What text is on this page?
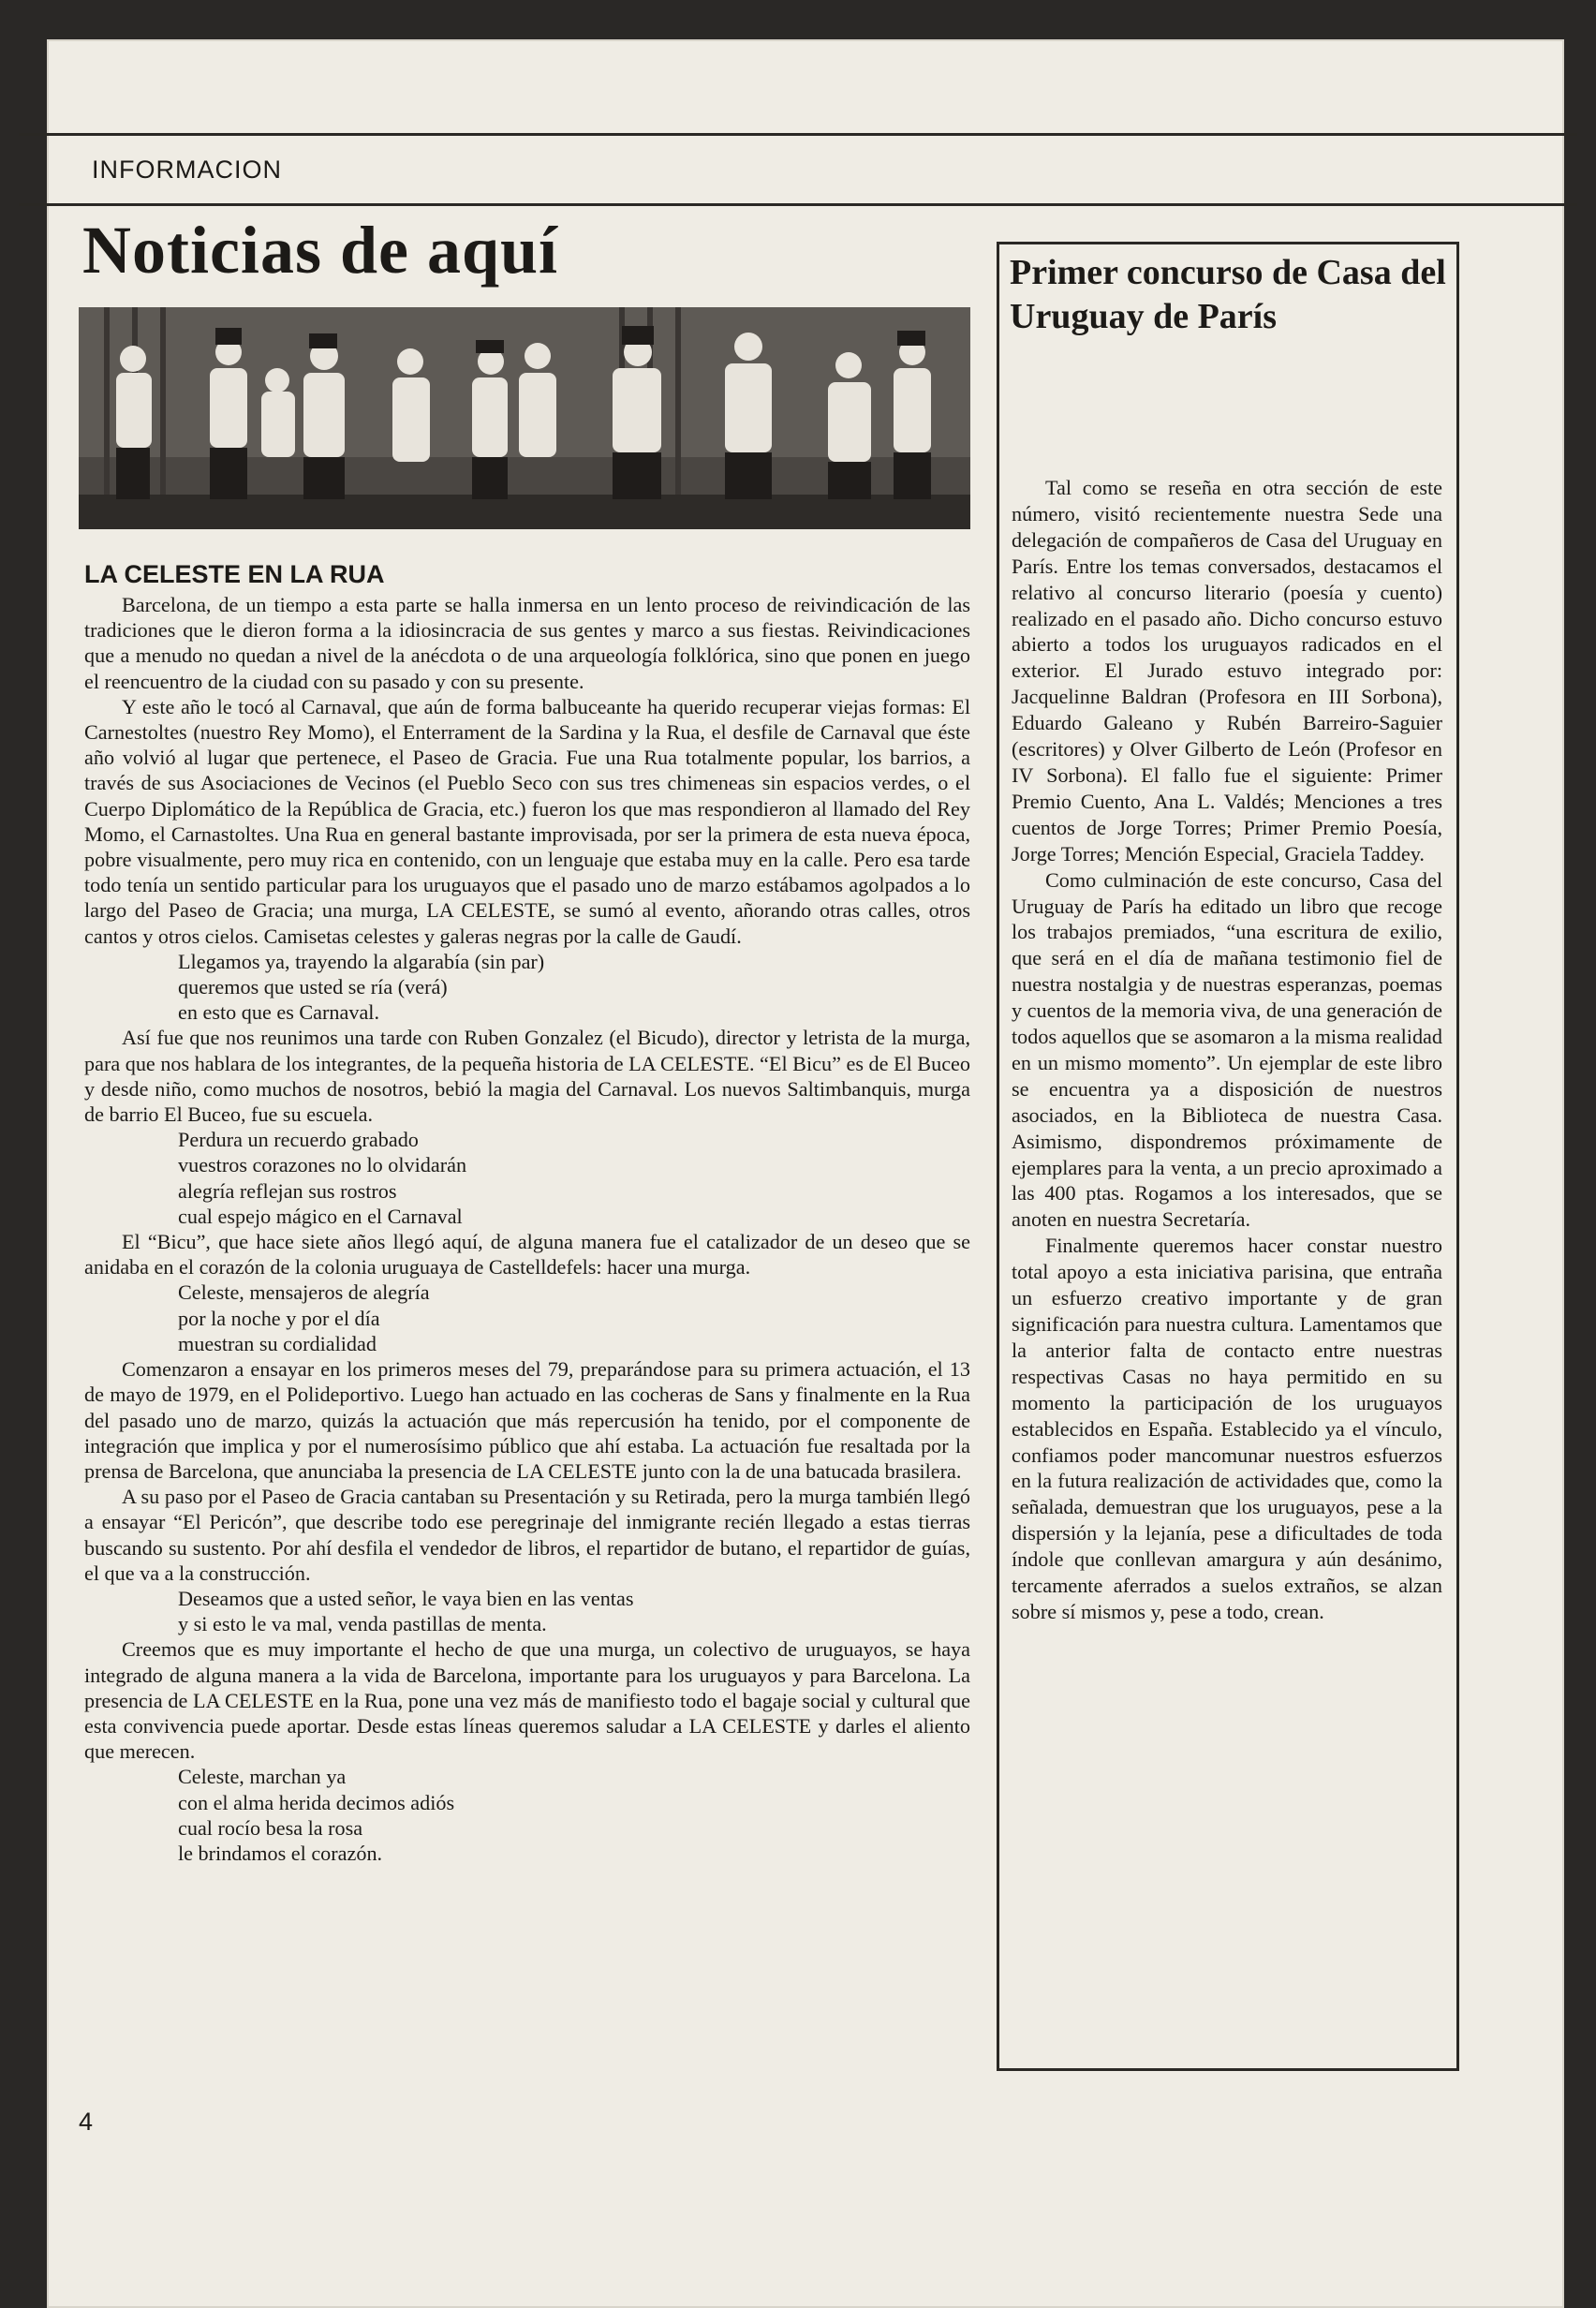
INFORMACION
Noticias de aquí
LA CELESTE EN LA RUA

Barcelona, de un tiempo a esta parte se halla inmersa en un lento proceso de reivindicación de las tradiciones que le dieron forma a la idiosincracia de sus gentes y marco a sus fiestas. Reivindicaciones que a menudo no quedan a nivel de la anécdota o de una arqueología folklórica, sino que ponen en juego el reencuentro de la ciudad con su pasado y con su presente.

Y este año le tocó al Carnaval, que aún de forma balbuceante ha querido recuperar viejas formas: El Carnestoltes (nuestro Rey Momo), el Enterrament de la Sardina y la Rua, el desfile de Carnaval que éste año volvió al lugar que pertenece, el Paseo de Gracia. Fue una Rua totalmente popular, los barrios, a través de sus Asociaciones de Vecinos (el Pueblo Seco con sus tres chimeneas sin espacios verdes, o el Cuerpo Diplomático de la República de Gracia, etc.) fueron los que mas respondieron al llamado del Rey Momo, el Carnastoltes. Una Rua en general bastante improvisada, por ser la primera de esta nueva época, pobre visualmente, pero muy rica en contenido, con un lenguaje que estaba muy en la calle. Pero esa tarde todo tenía un sentido particular para los uruguayos que el pasado uno de marzo estábamos agolpados a lo largo del Paseo de Gracia; una murga, LA CELESTE, se sumó al evento, añorando otras calles, otros cantos y otros cielos. Camisetas celestes y galeras negras por la calle de Gaudí.

Llegamos ya, trayendo la algarabía (sin par)
queremos que usted se ría (verá)
en esto que es Carnaval.

Así fue que nos reunimos una tarde con Ruben Gonzalez (el Bicudo), director y letrista de la murga, para que nos hablara de los integrantes, de la pequeña historia de LA CELESTE. “El Bicu” es de El Buceo y desde niño, como muchos de nosotros, bebió la magia del Carnaval. Los nuevos Saltimbanquis, murga de barrio El Buceo, fue su escuela.

Perdura un recuerdo grabado
vuestros corazones no lo olvidarán
alegría reflejan sus rostros
cual espejo mágico en el Carnaval

El “Bicu”, que hace siete años llegó aquí, de alguna manera fue el catalizador de un deseo que se anidaba en el corazón de la colonia uruguaya de Castelldefels: hacer una murga.

Celeste, mensajeros de alegría
por la noche y por el día
muestran su cordialidad

Comenzaron a ensayar en los primeros meses del 79, preparándose para su primera actuación, el 13 de mayo de 1979, en el Polideportivo. Luego han actuado en las cocheras de Sans y finalmente en la Rua del pasado uno de marzo, quizás la actuación que más repercusión ha tenido, por el componente de integración que implica y por el numerosísimo público que ahí estaba. La actuación fue resaltada por la prensa de Barcelona, que anunciaba la presencia de LA CELESTE junto con la de una batucada brasilera.

A su paso por el Paseo de Gracia cantaban su Presentación y su Retirada, pero la murga también llegó a ensayar “El Pericón”, que describe todo ese peregrinaje del inmigrante recién llegado a estas tierras buscando su sustento. Por ahí desfila el vendedor de libros, el repartidor de butano, el repartidor de guías, el que va a la construcción.

Deseamos que a usted señor, le vaya bien en las ventas
y si esto le va mal, venda pastillas de menta.

Creemos que es muy importante el hecho de que una murga, un colectivo de uruguayos, se haya integrado de alguna manera a la vida de Barcelona, importante para los uruguayos y para Barcelona. La presencia de LA CELESTE en la Rua, pone una vez más de manifiesto todo el bagaje social y cultural que esta convivencia puede aportar. Desde estas líneas queremos saludar a LA CELESTE y darles el aliento que merecen.

Celeste, marchan ya
con el alma herida decimos adiós
cual rocío besa la rosa
le brindamos el corazón.
4
Primer concurso de Casa del Uruguay de París

Tal como se reseña en otra sección de este número, visitó recientemente nuestra Sede una delegación de compañeros de Casa del Uruguay en París. Entre los temas conversados, destacamos el relativo al concurso literario (poesía y cuento) realizado en el pasado año. Dicho concurso estuvo abierto a todos los uruguayos radicados en el exterior. El Jurado estuvo integrado por: Jacquelinne Baldran (Profesora en III Sorbona), Eduardo Galeano y Rubén Barreiro-Saguier (escritores) y Olver Gilberto de León (Profesor en IV Sorbona). El fallo fue el siguiente: Primer Premio Cuento, Ana L. Valdés; Menciones a tres cuentos de Jorge Torres; Primer Premio Poesía, Jorge Torres; Mención Especial, Graciela Taddey.

Como culminación de este concurso, Casa del Uruguay de París ha editado un libro que recoge los trabajos premiados, “una escritura de exilio, que será en el día de mañana testimonio fiel de nuestra nostalgia y de nuestras esperanzas, poemas y cuentos de la memoria viva, de una generación de todos aquellos que se asomaron a la misma realidad en un mismo momento”. Un ejemplar de este libro se encuentra ya a disposición de nuestros asociados, en la Biblioteca de nuestra Casa. Asimismo, dispondremos próximamente de ejemplares para la venta, a un precio aproximado a las 400 ptas. Rogamos a los interesados, que se anoten en nuestra Secretaría.

Finalmente queremos hacer constar nuestro total apoyo a esta iniciativa parisina, que entraña un esfuerzo creativo importante y de gran significación para nuestra cultura. Lamentamos que la anterior falta de contacto entre nuestras respectivas Casas no haya permitido en su momento la participación de los uruguayos establecidos en España. Establecido ya el vínculo, confiamos poder mancomunar nuestros esfuerzos en la futura realización de actividades que, como la señalada, demuestran que los uruguayos, pese a la dispersión y la lejanía, pese a dificultades de toda índole que conllevan amargura y aún desánimo, tercamente aferrados a suelos extraños, se alzan sobre sí mismos y, pese a todo, crean.
